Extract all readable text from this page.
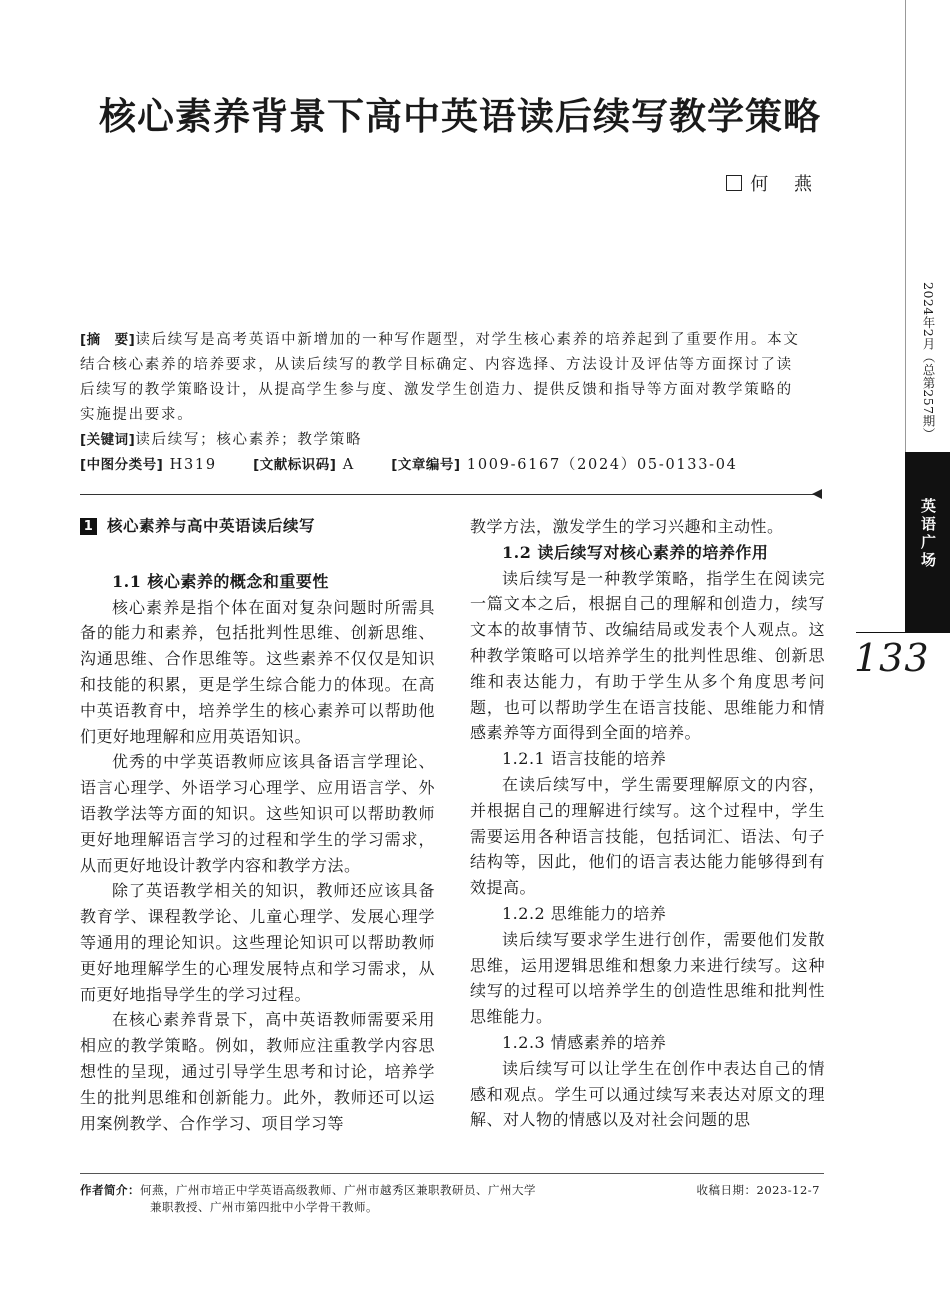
核心素养背景下高中英语读后续写教学策略
何 燕

[摘　要]读后续写是高考英语中新增加的一种写作题型，对学生核心素养的培养起到了重要作用。本文结合核心素养的培养要求，从读后续写的教学目标确定、内容选择、方法设计及评估等方面探讨了读后续写的教学策略设计，从提高学生参与度、激发学生创造力、提供反馈和指导等方面对教学策略的实施提出要求。

[关键词]读后续写；核心素养；教学策略

[中图分类号] H319	[文献标识码] A	[文章编号] 1009-6167（2024）05-0133-04

1 核心素养与高中英语读后续写

1.1 核心素养的概念和重要性

核心素养是指个体在面对复杂问题时所需具备的能力和素养，包括批判性思维、创新思维、沟通思维、合作思维等。这些素养不仅仅是知识和技能的积累，更是学生综合能力的体现。在高中英语教育中，培养学生的核心素养可以帮助他们更好地理解和应用英语知识。

优秀的中学英语教师应该具备语言学理论、语言心理学、外语学习心理学、应用语言学、外语教学法等方面的知识。这些知识可以帮助教师更好地理解语言学习的过程和学生的学习需求，从而更好地设计教学内容和教学方法。

除了英语教学相关的知识，教师还应该具备教育学、课程教学论、儿童心理学、发展心理学等通用的理论知识。这些理论知识可以帮助教师更好地理解学生的心理发展特点和学习需求，从而更好地指导学生的学习过程。

在核心素养背景下，高中英语教师需要采用相应的教学策略。例如，教师应注重教学内容思想性的呈现，通过引导学生思考和讨论，培养学生的批判思维和创新能力。此外，教师还可以运用案例教学、合作学习、项目学习等

教学方法，激发学生的学习兴趣和主动性。

1.2 读后续写对核心素养的培养作用

读后续写是一种教学策略，指学生在阅读完一篇文本之后，根据自己的理解和创造力，续写文本的故事情节、改编结局或发表个人观点。这种教学策略可以培养学生的批判性思维、创新思维和表达能力，有助于学生从多个角度思考问题，也可以帮助学生在语言技能、思维能力和情感素养等方面得到全面的培养。

1.2.1 语言技能的培养

在读后续写中，学生需要理解原文的内容，并根据自己的理解进行续写。这个过程中，学生需要运用各种语言技能，包括词汇、语法、句子结构等，因此，他们的语言表达能力能够得到有效提高。

1.2.2 思维能力的培养

读后续写要求学生进行创作，需要他们发散思维，运用逻辑思维和想象力来进行续写。这种续写的过程可以培养学生的创造性思维和批判性思维能力。

1.2.3 情感素养的培养

读后续写可以让学生在创作中表达自己的情感和观点。学生可以通过续写来表达对原文的理解、对人物的情感以及对社会问题的思

2024年2月（总第257期）
英语广场
133
作者简介： 何燕，广州市培正中学英语高级教师、广州市越秀区兼职教研员、广州大学	收稿日期：2023-12-7
兼职教授、广州市第四批中小学骨干教师。
